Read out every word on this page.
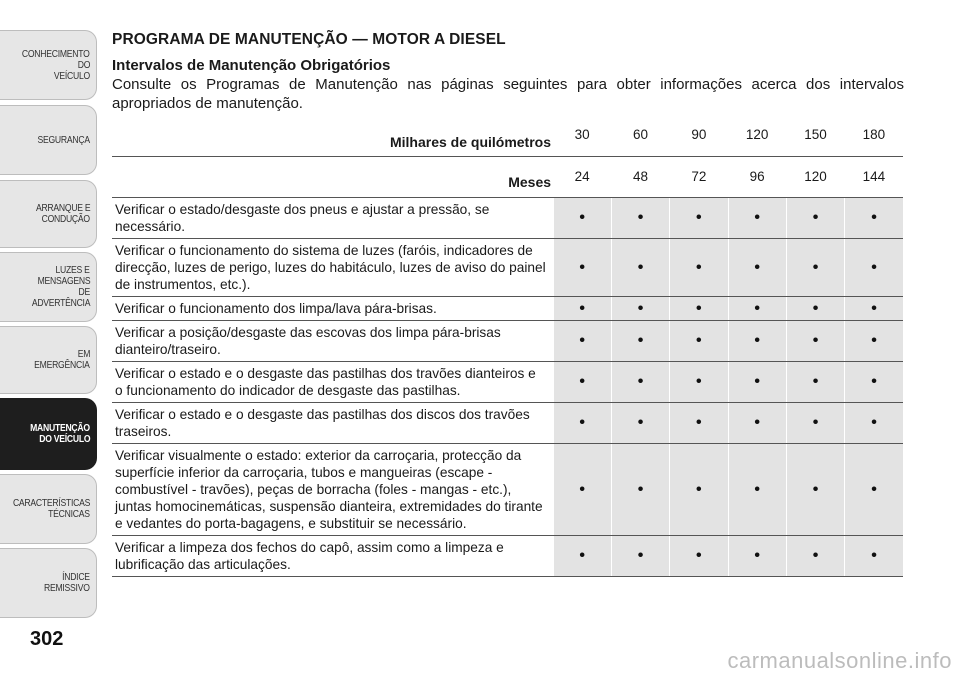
CONHECIMENTO
DO
VEÍCULO
SEGURANÇA
ARRANQUE E
CONDUÇÃO
LUZES E
MENSAGENS
DE
ADVERTÊNCIA
EM
EMERGÊNCIA
MANUTENÇÃO
DO VEÍCULO
CARACTERÍSTICAS
TÉCNICAS
ÍNDICE
REMISSIVO
302
PROGRAMA DE MANUTENÇÃO — MOTOR A DIESEL
Intervalos de Manutenção Obrigatórios

Consulte os Programas de Manutenção nas páginas seguintes para obter informações acerca dos intervalos apropriados de manutenção.

Milhares de quilómetros	30	60	90	120	150	180
Meses	24	48	72	96	120	144
Verificar o estado/desgaste dos pneus e ajustar a pressão, se necessário.	•	•	•	•	•	•
Verificar o funcionamento do sistema de luzes (faróis, indicadores de direcção, luzes de perigo, luzes do habitáculo, luzes de aviso do painel de instrumentos, etc.).	•	•	•	•	•	•
Verificar o funcionamento dos limpa/lava pára-brisas.	•	•	•	•	•	•
Verificar a posição/desgaste das escovas dos limpa pára-brisas dianteiro/traseiro.	•	•	•	•	•	•
Verificar o estado e o desgaste das pastilhas dos travões dianteiros e o funcionamento do indicador de desgaste das pastilhas.	•	•	•	•	•	•
Verificar o estado e o desgaste das pastilhas dos discos dos travões traseiros.	•	•	•	•	•	•
Verificar visualmente o estado: exterior da carroçaria, protecção da superfície inferior da carroçaria, tubos e mangueiras (escape - combustível - travões), peças de borracha (foles - mangas - etc.), juntas homocinemáticas, suspensão dianteira, extremidades do tirante e vedantes do porta-bagagens, e substituir se necessário.	•	•	•	•	•	•
Verificar a limpeza dos fechos do capô, assim como a limpeza e lubrificação das articulações.	•	•	•	•	•	•
carmanualsonline.info
